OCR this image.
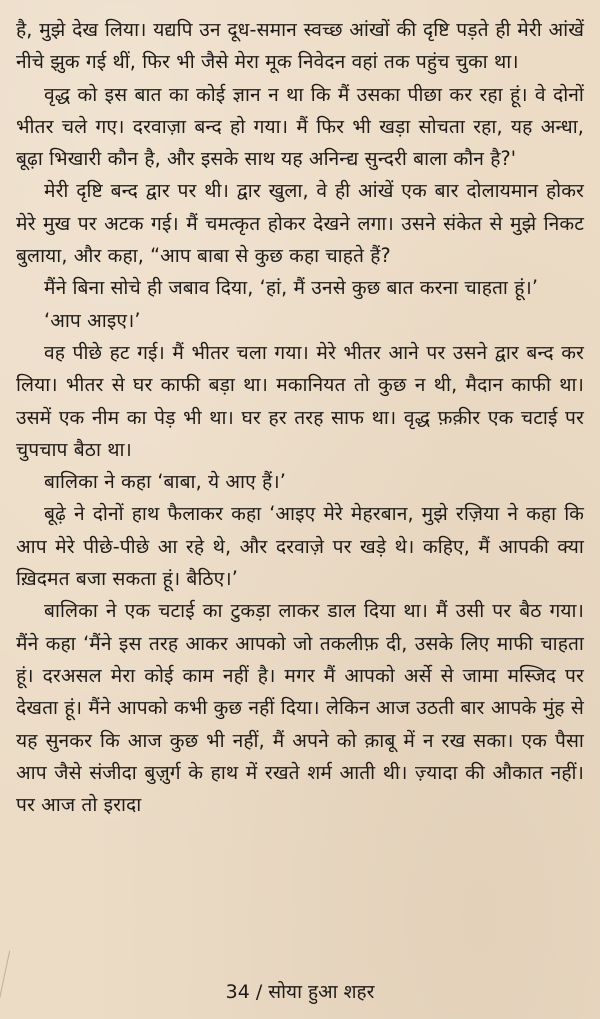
है, मुझे देख लिया। यद्यपि उन दूध-समान स्वच्छ आंखों की दृष्टि पड़ते ही मेरी आंखें नीचे झुक गई थीं, फिर भी जैसे मेरा मूक निवेदन वहां तक पहुंच चुका था।

वृद्ध को इस बात का कोई ज्ञान न था कि मैं उसका पीछा कर रहा हूं। वे दोनों भीतर चले गए। दरवाज़ा बन्द हो गया। मैं फिर भी खड़ा सोचता रहा, यह अन्धा, बूढ़ा भिखारी कौन है, और इसके साथ यह अनिन्द्य सुन्दरी बाला कौन है?'

मेरी दृष्टि बन्द द्वार पर थी। द्वार खुला, वे ही आंखें एक बार दोलायमान होकर मेरे मुख पर अटक गई। मैं चमत्कृत होकर देखने लगा। उसने संकेत से मुझे निकट बुलाया, और कहा, “आप बाबा से कुछ कहा चाहते हैं?

मैंने बिना सोचे ही जबाव दिया, ‘हां, मैं उनसे कुछ बात करना चाहता हूं।’

‘आप आइए।’

वह पीछे हट गई। मैं भीतर चला गया। मेरे भीतर आने पर उसने द्वार बन्द कर लिया। भीतर से घर काफी बड़ा था। मकानियत तो कुछ न थी, मैदान काफी था। उसमें एक नीम का पेड़ भी था। घर हर तरह साफ था। वृद्ध फ़क़ीर एक चटाई पर चुपचाप बैठा था।

बालिका ने कहा ‘बाबा, ये आए हैं।’

बूढ़े ने दोनों हाथ फैलाकर कहा ‘आइए मेरे मेहरबान, मुझे रज़िया ने कहा कि आप मेरे पीछे-पीछे आ रहे थे, और दरवाज़े पर खड़े थे। कहिए, मैं आपकी क्या ख़िदमत बजा सकता हूं। बैठिए।’

बालिका ने एक चटाई का टुकड़ा लाकर डाल दिया था। मैं उसी पर बैठ गया। मैंने कहा ‘मैंने इस तरह आकर आपको जो तकलीफ़ दी, उसके लिए माफी चाहता हूं। दरअसल मेरा कोई काम नहीं है। मगर मैं आपको अर्से से जामा मस्जिद पर देखता हूं। मैंने आपको कभी कुछ नहीं दिया। लेकिन आज उठती बार आपके मुंह से यह सुनकर कि आज कुछ भी नहीं, मैं अपने को क़ाबू में न रख सका। एक पैसा आप जैसे संजीदा बुज़ुर्ग के हाथ में रखते शर्म आती थी। ज़्यादा की औकात नहीं। पर आज तो इरादा

34 / सोया हुआ शहर
